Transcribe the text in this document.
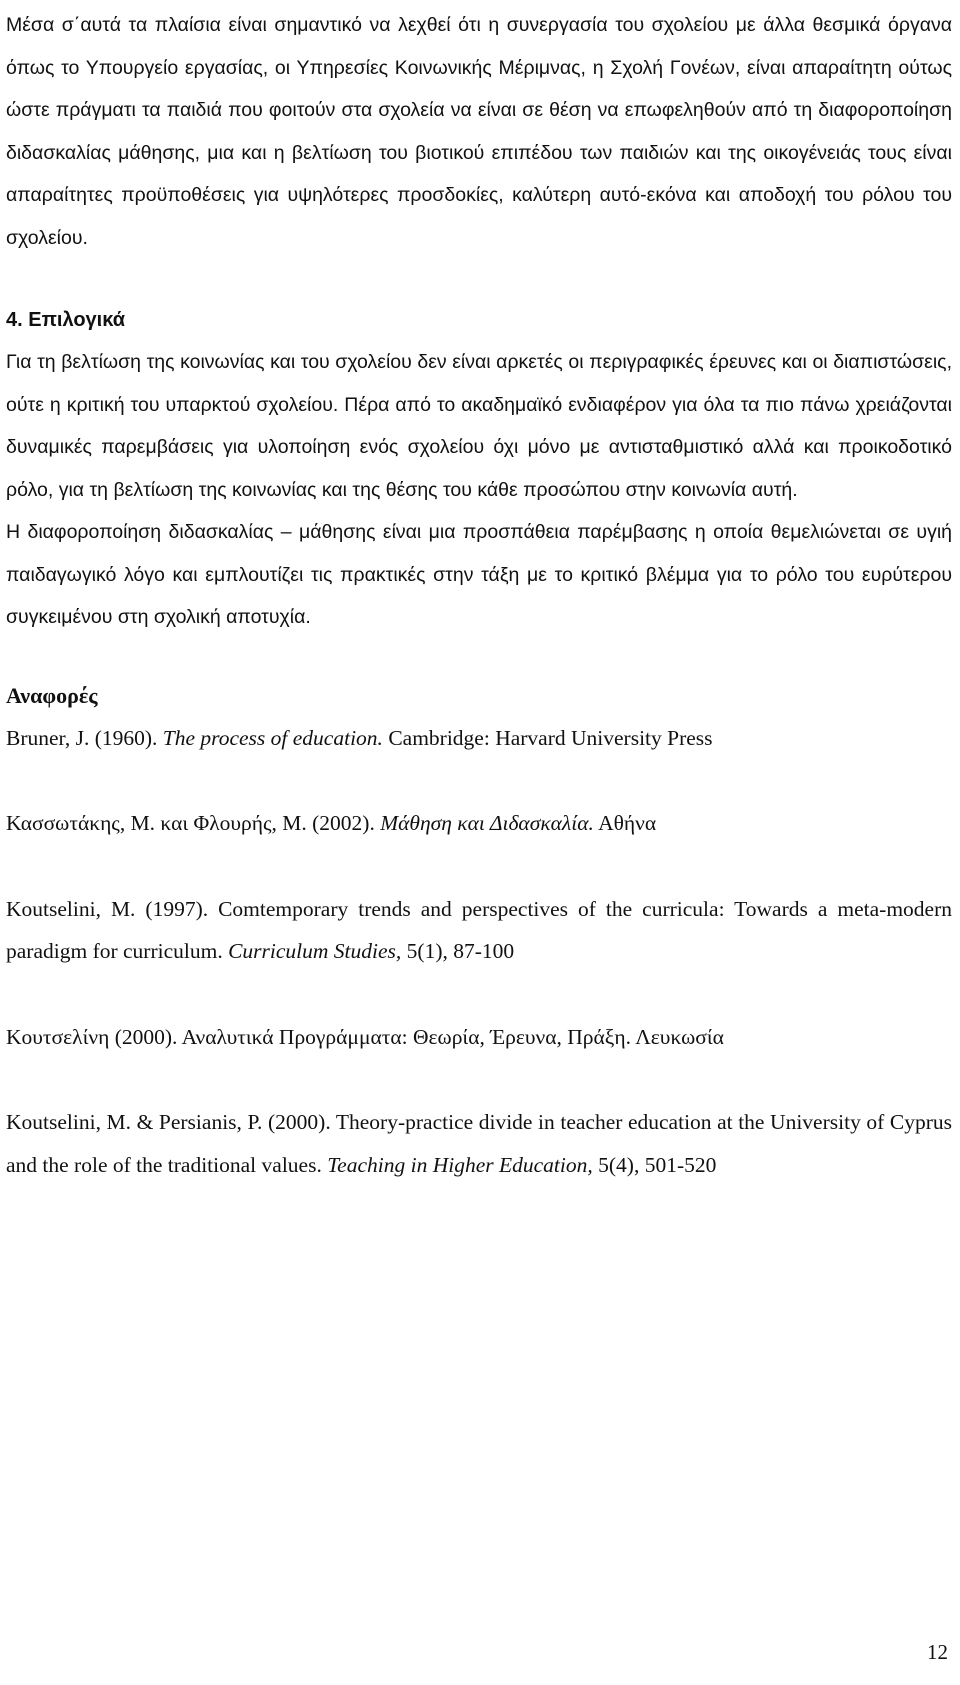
Μέσα σ΄αυτά τα πλαίσια είναι σημαντικό να λεχθεί ότι η συνεργασία του σχολείου με άλλα θεσμικά όργανα όπως το Υπουργείο εργασίας, οι Υπηρεσίες Κοινωνικής Μέριμνας, η Σχολή Γονέων, είναι απαραίτητη ούτως ώστε πράγματι τα παιδιά που φοιτούν στα σχολεία να είναι σε θέση να επωφεληθούν από τη διαφοροποίηση διδασκαλίας μάθησης, μια και η βελτίωση του βιοτικού επιπέδου των παιδιών και της οικογένειάς τους είναι απαραίτητες προϋποθέσεις για υψηλότερες προσδοκίες, καλύτερη αυτό-εκόνα και αποδοχή του ρόλου του σχολείου.

4. Επιλογικά

Για τη βελτίωση της κοινωνίας και του σχολείου δεν είναι αρκετές οι περιγραφικές έρευνες και οι διαπιστώσεις, ούτε η κριτική του υπαρκτού σχολείου. Πέρα από το ακαδημαϊκό ενδιαφέρον για όλα τα πιο πάνω χρειάζονται δυναμικές παρεμβάσεις για υλοποίηση ενός σχολείου όχι μόνο με αντισταθμιστικό αλλά και προικοδοτικό ρόλο, για τη βελτίωση της κοινωνίας και της θέσης του κάθε προσώπου στην κοινωνία αυτή.

Η διαφοροποίηση διδασκαλίας – μάθησης είναι μια προσπάθεια παρέμβασης η οποία θεμελιώνεται σε υγιή παιδαγωγικό λόγο και εμπλουτίζει τις πρακτικές στην τάξη με το κριτικό βλέμμα για το ρόλο του ευρύτερου συγκειμένου στη σχολική αποτυχία.

Αναφορές

Bruner, J. (1960). The process of education. Cambridge: Harvard University Press

Κασσωτάκης, Μ. και Φλουρής, Μ. (2002). Μάθηση και Διδασκαλία. Αθήνα

Koutselini, M. (1997). Comtemporary trends and perspectives of the curricula: Towards a meta-modern paradigm for curriculum. Curriculum Studies, 5(1), 87-100

Κουτσελίνη (2000). Αναλυτικά Προγράμματα: Θεωρία, Έρευνα, Πράξη. Λευκωσία

Koutselini, M. & Persianis, P. (2000). Theory-practice divide in teacher education at the University of Cyprus and the role of the traditional values. Teaching in Higher Education, 5(4), 501-520

12
